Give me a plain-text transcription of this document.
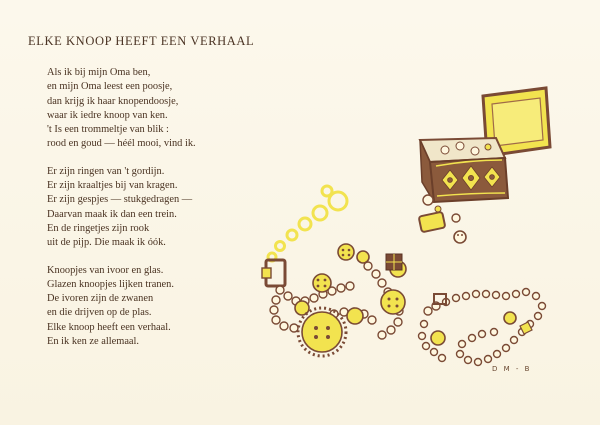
ELKE KNOOP HEEFT EEN VERHAAL
Als ik bij mijn Oma ben,
en mijn Oma leest een poosje,
dan krijg ik haar knopendoosje,
waar ik iedre knoop van ken.
't Is een trommeltje van blik :
rood en goud — héél mooi, vind ik.
Er zijn ringen van 't gordijn.
Er zijn kraaltjes bij van kragen.
Er zijn gespjes — stukgedragen —
Daarvan maak ik dan een trein.
En de ringetjes zijn rook
uit de pijp. Die maak ik óók.
Knoopjes van ivoor en glas.
Glazen knoopjes lijken tranen.
De ivoren zijn de zwanen
en die drijven op de plas.
Elke knoop heeft een verhaal.
En ik ken ze allemaal.
D M - B
